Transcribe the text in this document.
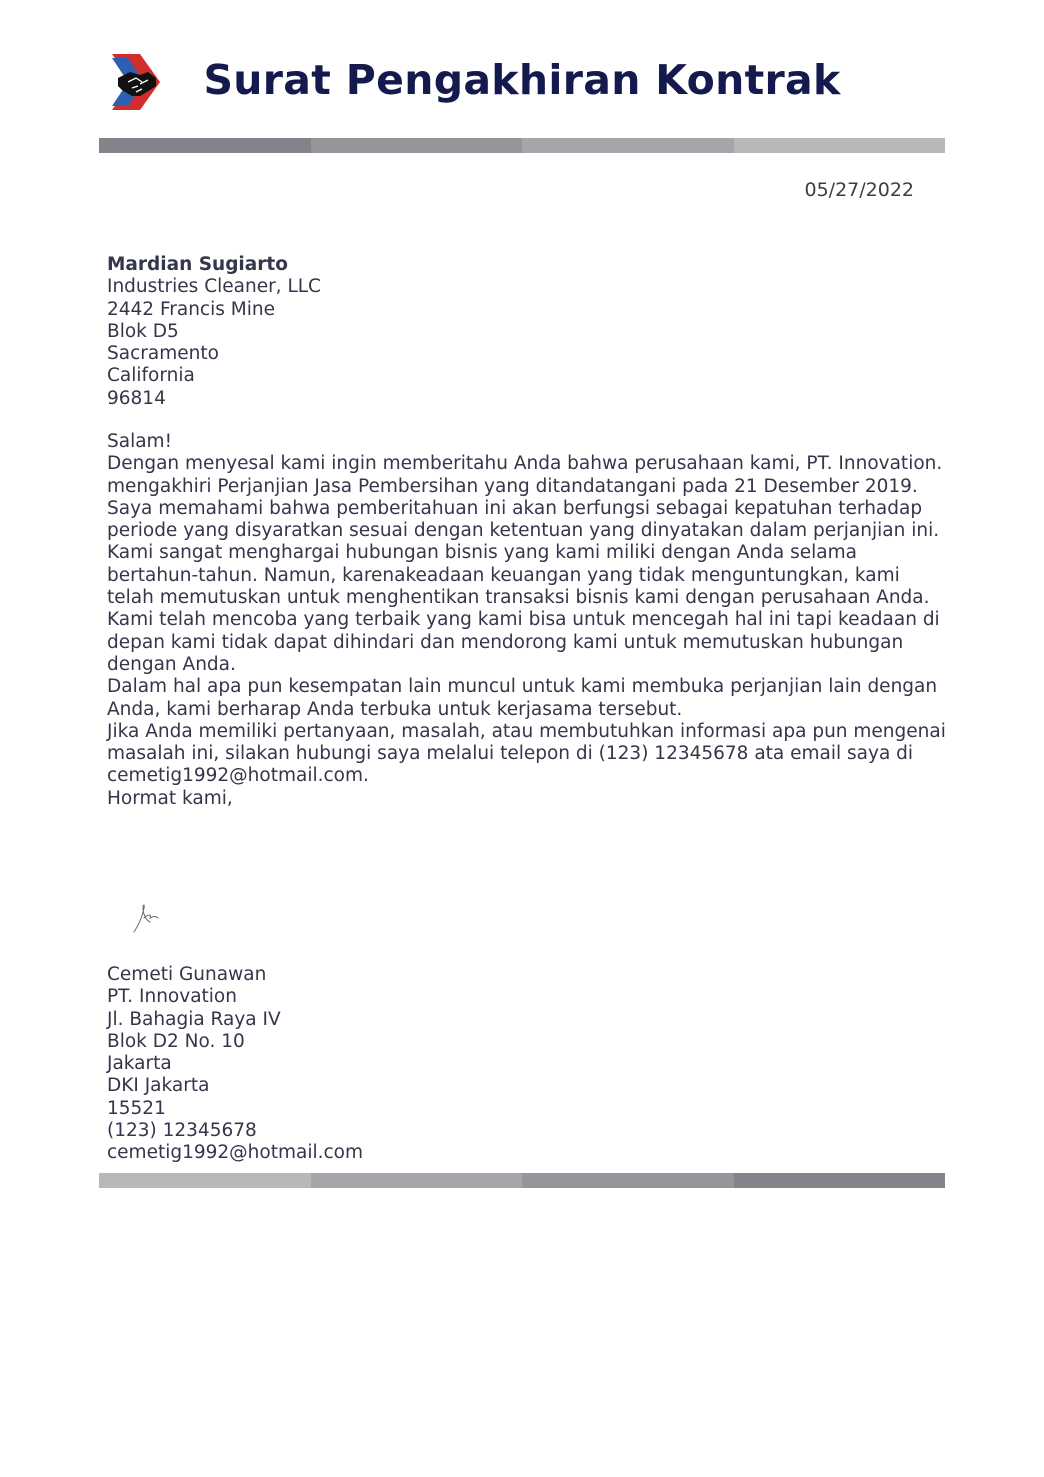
Surat Pengakhiran Kontrak
05/27/2022
Mardian Sugiarto
Industries Cleaner, LLC
2442 Francis Mine
Blok D5
Sacramento
California
96814

Salam!

Dengan menyesal kami ingin memberitahu Anda bahwa perusahaan kami, PT. Innovation. mengakhiri Perjanjian Jasa Pembersihan yang ditandatangani pada 21 Desember 2019. Saya memahami bahwa pemberitahuan ini akan berfungsi sebagai kepatuhan terhadap periode yang disyaratkan sesuai dengan ketentuan yang dinyatakan dalam perjanjian ini.

Kami sangat menghargai hubungan bisnis yang kami miliki dengan Anda selama bertahun-tahun. Namun, karenakeadaan keuangan yang tidak menguntungkan, kami telah memutuskan untuk menghentikan transaksi bisnis kami dengan perusahaan Anda. Kami telah mencoba yang terbaik yang kami bisa untuk mencegah hal ini tapi keadaan di depan kami tidak dapat dihindari dan mendorong kami untuk memutuskan hubungan dengan Anda.

Dalam hal apa pun kesempatan lain muncul untuk kami membuka perjanjian lain dengan Anda, kami berharap Anda terbuka untuk kerjasama tersebut.

Jika Anda memiliki pertanyaan, masalah, atau membutuhkan informasi apa pun mengenai masalah ini, silakan hubungi saya melalui telepon di (123) 12345678 ata email saya di cemetig1992@hotmail.com.

Hormat kami,

Cemeti Gunawan
PT. Innovation
Jl. Bahagia Raya IV
Blok D2 No. 10
Jakarta
DKI Jakarta
15521
(123) 12345678
cemetig1992@hotmail.com
